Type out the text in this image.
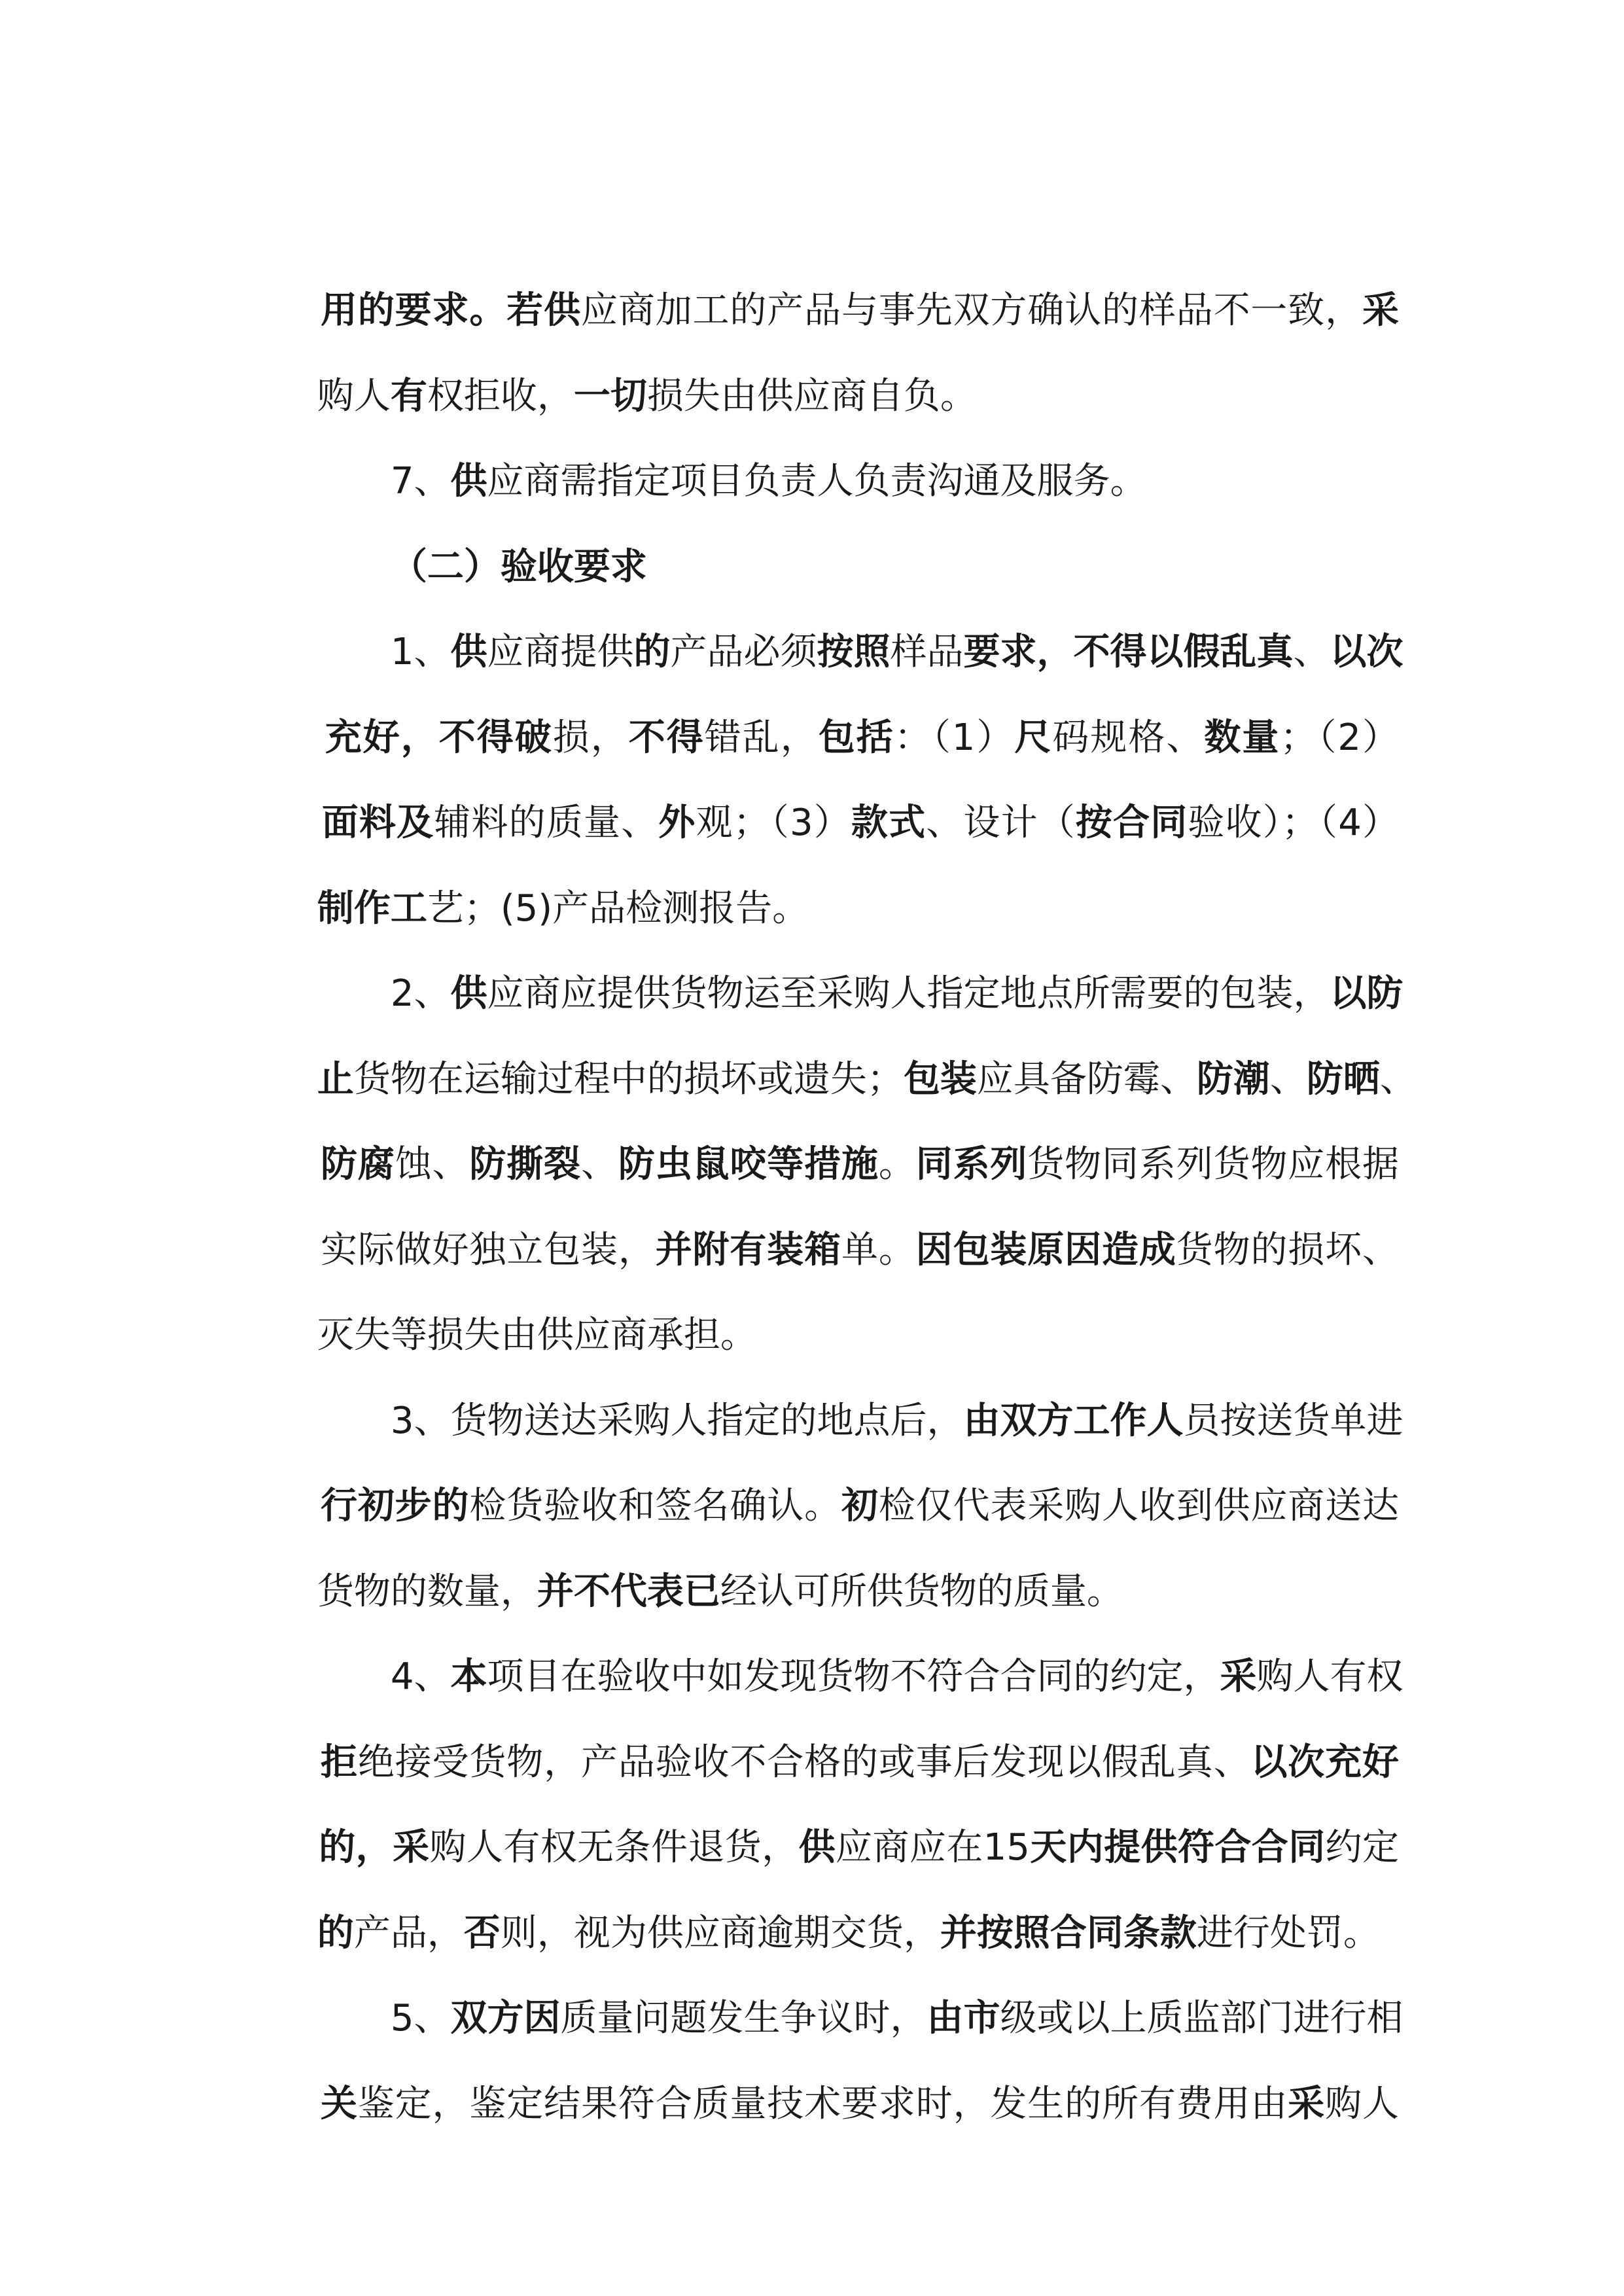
用的要求。若供应商加工的产品与事先双方确认的样品不一致，采

购人有权拒收，一切损失由供应商自负。

7、供应商需指定项目负责人负责沟通及服务。

（二）验收要求

1、供应商提供的产品必须按照样品要求，不得以假乱真、以次

充好，不得破损，不得错乱，包括：（1）尺码规格、数量；（2）

面料及辅料的质量、外观；（3）款式、设计（按合同验收）；（4）

制作工艺；(5)产品检测报告。

2、供应商应提供货物运至采购人指定地点所需要的包装，以防

止货物在运输过程中的损坏或遗失；包装应具备防霉、防潮、防晒、

防腐蚀、防撕裂、防虫鼠咬等措施。同系列货物同系列货物应根据

实际做好独立包装，并附有装箱单。因包装原因造成货物的损坏、

灭失等损失由供应商承担。

3、货物送达采购人指定的地点后，由双方工作人员按送货单进

行初步的检货验收和签名确认。初检仅代表采购人收到供应商送达

货物的数量，并不代表已经认可所供货物的质量。

4、本项目在验收中如发现货物不符合合同的约定，采购人有权

拒绝接受货物，产品验收不合格的或事后发现以假乱真、以次充好

的，采购人有权无条件退货，供应商应在15天内提供符合合同约定

的产品，否则，视为供应商逾期交货，并按照合同条款进行处罚。

5、双方因质量问题发生争议时，由市级或以上质监部门进行相

关鉴定，鉴定结果符合质量技术要求时，发生的所有费用由采购人
